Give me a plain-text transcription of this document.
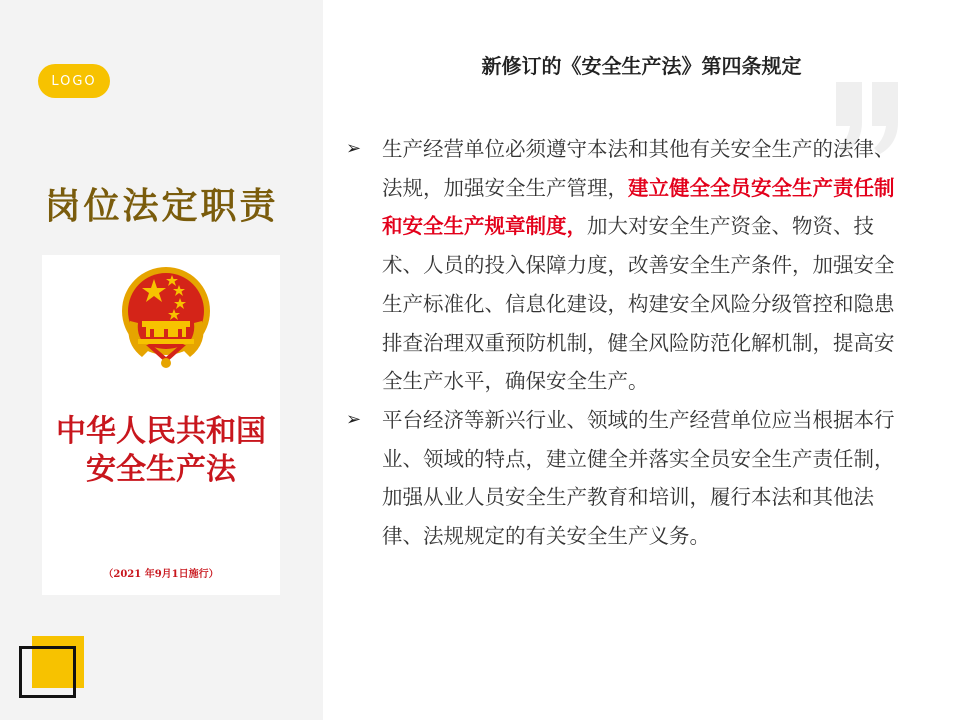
LOGO
岗位法定职责
中华人民共和国
安全生产法
（2021 年9月1日施行）
新修订的《安全生产法》第四条规定
➢ 生产经营单位必须遵守本法和其他有关安全生产的法律、法规，加强安全生产管理，建立健全全员安全生产责任制和安全生产规章制度，加大对安全生产资金、物资、技术、人员的投入保障力度，改善安全生产条件，加强安全生产标准化、信息化建设，构建安全风险分级管控和隐患排查治理双重预防机制，健全风险防范化解机制，提高安全生产水平，确保安全生产。
➢ 平台经济等新兴行业、领域的生产经营单位应当根据本行业、领域的特点，建立健全并落实全员安全生产责任制，加强从业人员安全生产教育和培训，履行本法和其他法律、法规规定的有关安全生产义务。
